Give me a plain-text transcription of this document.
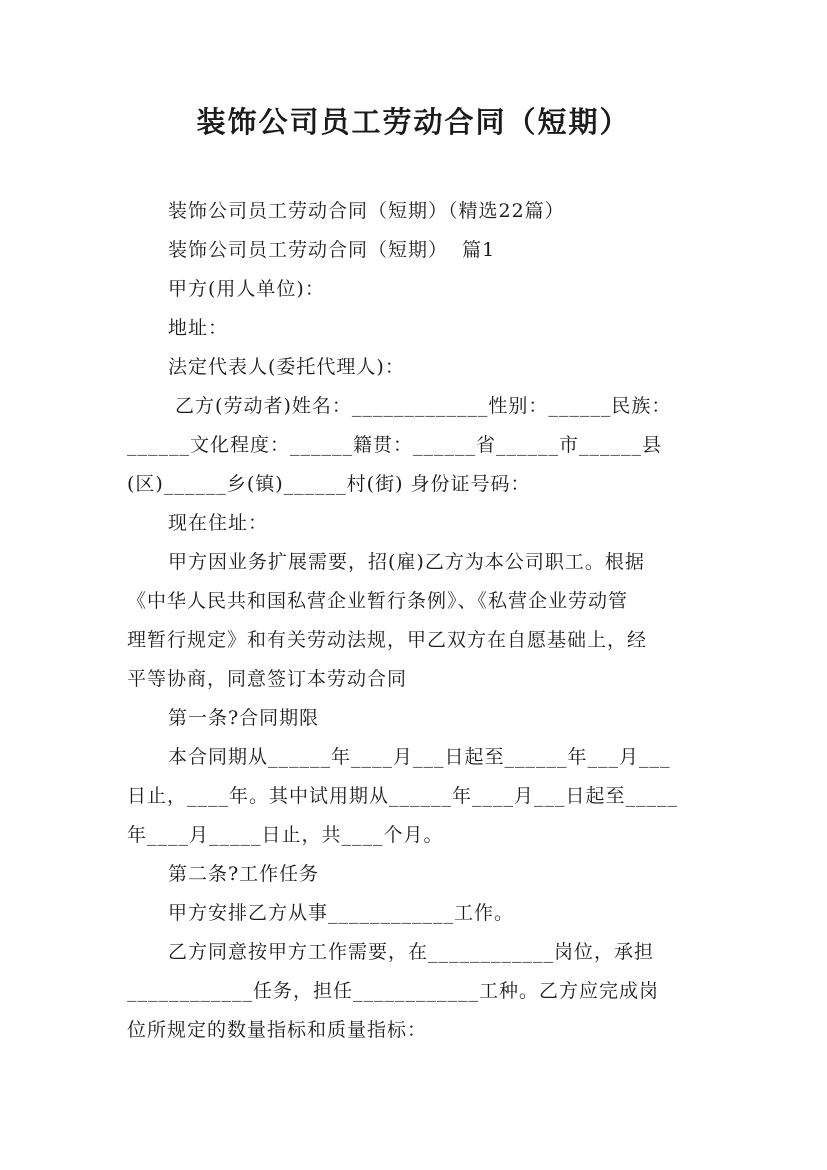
装饰公司员工劳动合同（短期）
装饰公司员工劳动合同（短期）（精选22篇）
装饰公司员工劳动合同（短期）  篇1
甲方(用人单位)：
地址：
法定代表人(委托代理人)：
乙方(劳动者)姓名：_____________性别：______民族：
______文化程度：______籍贯：______省______市______县
(区)______乡(镇)______村(街) 身份证号码：
现在住址：
甲方因业务扩展需要，招(雇)乙方为本公司职工。根据
《中华人民共和国私营企业暂行条例》、《私营企业劳动管
理暂行规定》和有关劳动法规，甲乙双方在自愿基础上，经
平等协商，同意签订本劳动合同
第一条?合同期限
本合同期从______年____月___日起至______年___月___
日止，____年。其中试用期从______年____月___日起至_____
年____月_____日止，共____个月。
第二条?工作任务
甲方安排乙方从事____________工作。
乙方同意按甲方工作需要，在____________岗位，承担
____________任务，担任____________工种。乙方应完成岗
位所规定的数量指标和质量指标：
